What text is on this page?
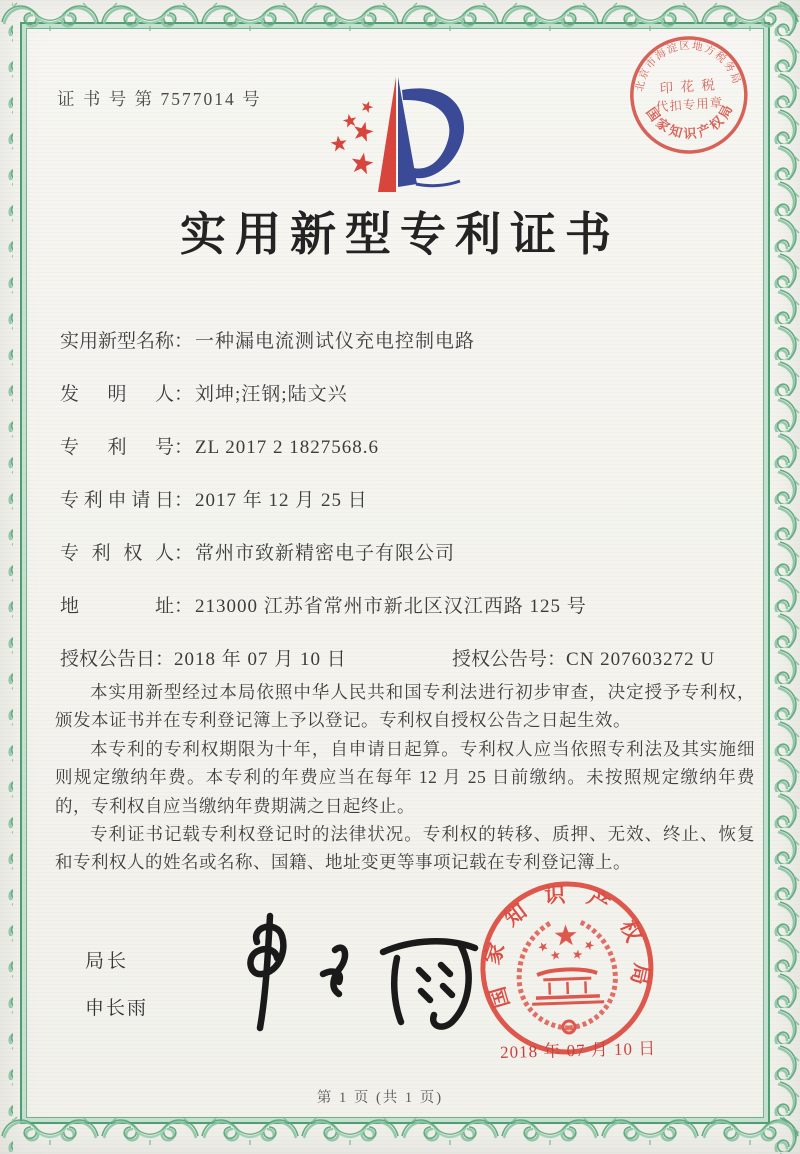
证 书 号 第 7577014 号
北京市海淀区地方税务局
印 花 税
代扣专用章
国家知识产权局
实用新型专利证书
实用新型名称： 一种漏电流测试仪充电控制电路
发明人： 刘坤;汪钢;陆文兴
专利号： ZL 2017 2 1827568.6
专利申请日： 2017 年 12 月 25 日
专利权人： 常州市致新精密电子有限公司
地址： 213000 江苏省常州市新北区汉江西路 125 号
授权公告日：2018 年 07 月 10 日	授权公告号：CN 207603272 U

本实用新型经过本局依照中华人民共和国专利法进行初步审查，决定授予专利权，颁发本证书并在专利登记簿上予以登记。专利权自授权公告之日起生效。

本专利的专利权期限为十年，自申请日起算。专利权人应当依照专利法及其实施细则规定缴纳年费。本专利的年费应当在每年 12 月 25 日前缴纳。未按照规定缴纳年费的，专利权自应当缴纳年费期满之日起终止。

专利证书记载专利权登记时的法律状况。专利权的转移、质押、无效、终止、恢复和专利权人的姓名或名称、国籍、地址变更等事项记载在专利登记簿上。

局长
申长雨	国家知识产权局
2018 年 07 月 10 日
第 1 页 (共 1 页)
